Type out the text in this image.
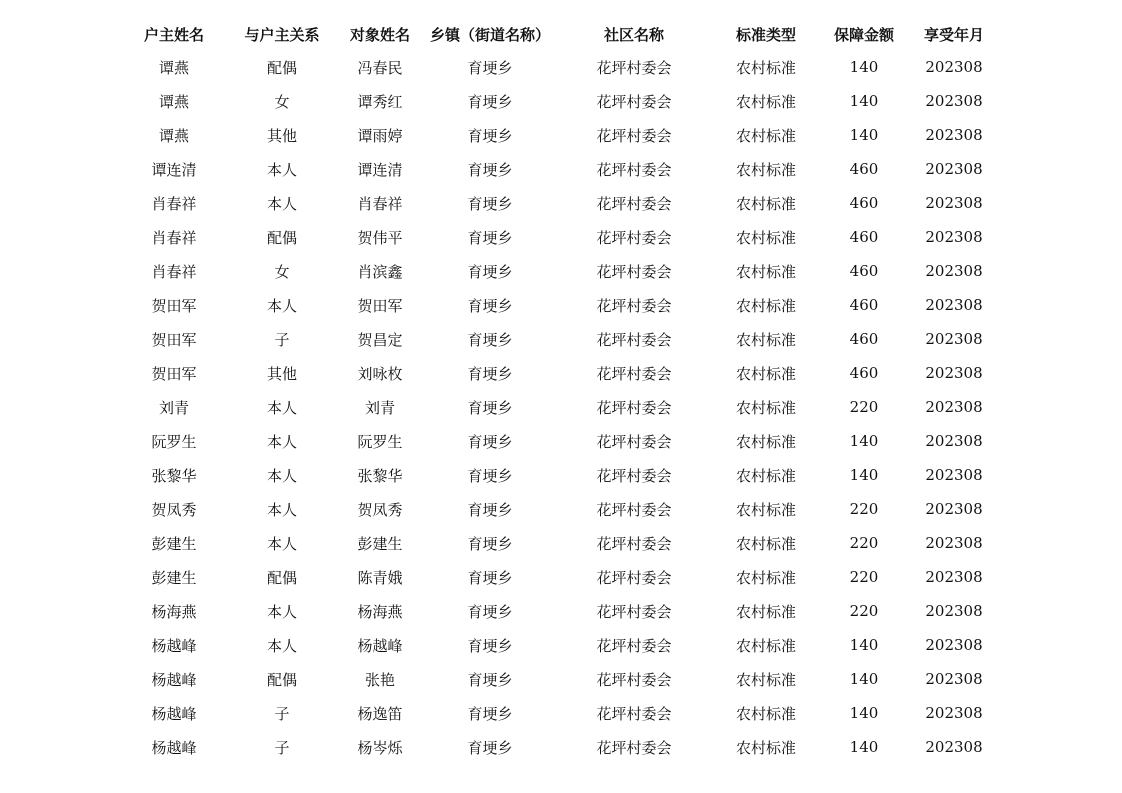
户主姓名	与户主关系	对象姓名	乡镇（街道名称）	社区名称	标准类型	保障金额	享受年月
谭燕	配偶	冯春民	育埂乡	花坪村委会	农村标准	140	202308
谭燕	女	谭秀红	育埂乡	花坪村委会	农村标准	140	202308
谭燕	其他	谭雨婷	育埂乡	花坪村委会	农村标准	140	202308
谭连清	本人	谭连清	育埂乡	花坪村委会	农村标准	460	202308
肖春祥	本人	肖春祥	育埂乡	花坪村委会	农村标准	460	202308
肖春祥	配偶	贺伟平	育埂乡	花坪村委会	农村标准	460	202308
肖春祥	女	肖滨鑫	育埂乡	花坪村委会	农村标准	460	202308
贺田军	本人	贺田军	育埂乡	花坪村委会	农村标准	460	202308
贺田军	子	贺昌定	育埂乡	花坪村委会	农村标准	460	202308
贺田军	其他	刘咏枚	育埂乡	花坪村委会	农村标准	460	202308
刘青	本人	刘青	育埂乡	花坪村委会	农村标准	220	202308
阮罗生	本人	阮罗生	育埂乡	花坪村委会	农村标准	140	202308
张黎华	本人	张黎华	育埂乡	花坪村委会	农村标准	140	202308
贺凤秀	本人	贺凤秀	育埂乡	花坪村委会	农村标准	220	202308
彭建生	本人	彭建生	育埂乡	花坪村委会	农村标准	220	202308
彭建生	配偶	陈青娥	育埂乡	花坪村委会	农村标准	220	202308
杨海燕	本人	杨海燕	育埂乡	花坪村委会	农村标准	220	202308
杨越峰	本人	杨越峰	育埂乡	花坪村委会	农村标准	140	202308
杨越峰	配偶	张艳	育埂乡	花坪村委会	农村标准	140	202308
杨越峰	子	杨逸笛	育埂乡	花坪村委会	农村标准	140	202308
杨越峰	子	杨岑烁	育埂乡	花坪村委会	农村标准	140	202308
